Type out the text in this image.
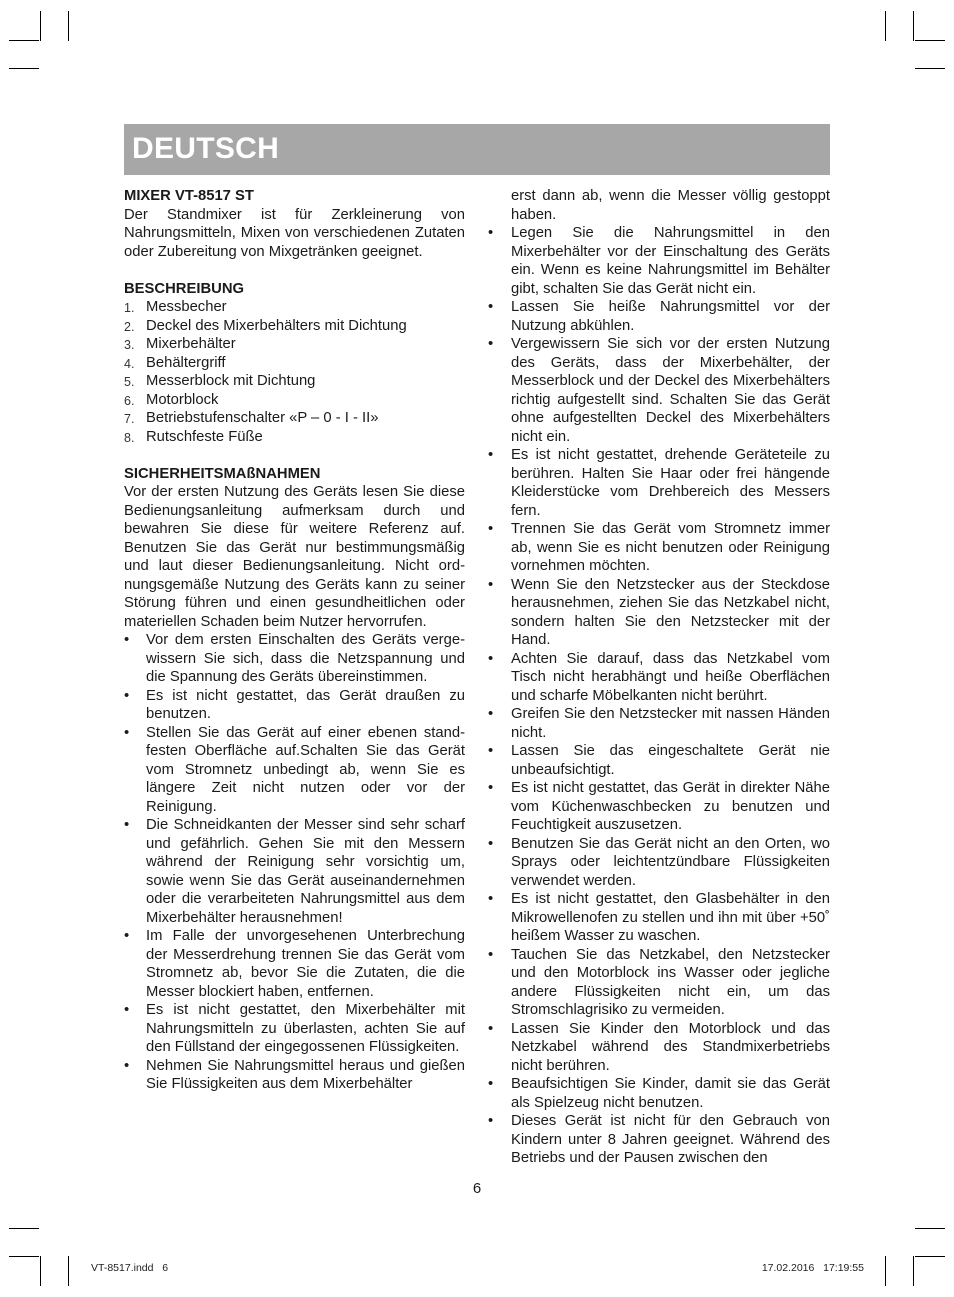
DEUTSCH
MIXER VT-8517 ST

Der Standmixer ist für Zerkleinerung von Nahrungsmitteln, Mixen von verschiedenen Zutaten oder Zubereitung von Mixgetränken geeignet.

BESCHREIBUNG
1. Messbecher
2. Deckel des Mixerbehälters mit Dichtung
3. Mixerbehälter
4. Behältergriff
5. Messerblock mit Dichtung
6. Motorblock
7. Betriebstufenschalter «P – 0 - I - II»
8. Rutschfeste Füße
SICHERHEITSMAßNAHMEN

Vor der ersten Nutzung des Geräts lesen Sie diese Bedienungsanleitung aufmerksam durch und bewahren Sie diese für weitere Referenz auf. Benutzen Sie das Gerät nur bestimmungsmäßig und laut dieser Bedienungsanleitung. Nicht ordnungsgemäße Nutzung des Geräts kann zu seiner Störung führen und einen gesundheitlichen oder materiellen Schaden beim Nutzer hervorrufen.

• Vor dem ersten Einschalten des Geräts vergewissern Sie sich, dass die Netzspannung und die Spannung des Geräts übereinstimmen.
• Es ist nicht gestattet, das Gerät draußen zu benutzen.
• Stellen Sie das Gerät auf einer ebenen standfesten Oberfläche auf.Schalten Sie das Gerät vom Stromnetz unbedingt ab, wenn Sie es längere Zeit nicht nutzen oder vor der Reinigung.
• Die Schneidkanten der Messer sind sehr scharf und gefährlich. Gehen Sie mit den Messern während der Reinigung sehr vorsichtig um, sowie wenn Sie das Gerät auseinandernehmen oder die verarbeiteten Nahrungsmittel aus dem Mixerbehälter herausnehmen!
• Im Falle der unvorgesehenen Unterbrechung der Messerdrehung trennen Sie das Gerät vom Stromnetz ab, bevor Sie die Zutaten, die die Messer blockiert haben, entfernen.
• Es ist nicht gestattet, den Mixerbehälter mit Nahrungsmitteln zu überlasten, achten Sie auf den Füllstand der eingegossenen Flüssigkeiten.
• Nehmen Sie Nahrungsmittel heraus und gießen Sie Flüssigkeiten aus dem Mixerbehälter
erst dann ab, wenn die Messer völlig gestoppt haben.
• Legen Sie die Nahrungsmittel in den Mixerbehälter vor der Einschaltung des Geräts ein. Wenn es keine Nahrungsmittel im Behälter gibt, schalten Sie das Gerät nicht ein.
• Lassen Sie heiße Nahrungsmittel vor der Nutzung abkühlen.
• Vergewissern Sie sich vor der ersten Nutzung des Geräts, dass der Mixerbehälter, der Messerblock und der Deckel des Mixerbehälters richtig aufgestellt sind. Schalten Sie das Gerät ohne aufgestellten Deckel des Mixerbehälters nicht ein.
• Es ist nicht gestattet, drehende Geräteteile zu berühren. Halten Sie Haar oder frei hängende Kleiderstücke vom Drehbereich des Messers fern.
• Trennen Sie das Gerät vom Stromnetz immer ab, wenn Sie es nicht benutzen oder Reinigung vornehmen möchten.
• Wenn Sie den Netzstecker aus der Steckdose herausnehmen, ziehen Sie das Netzkabel nicht, sondern halten Sie den Netzstecker mit der Hand.
• Achten Sie darauf, dass das Netzkabel vom Tisch nicht herabhängt und heiße Oberflächen und scharfe Möbelkanten nicht berührt.
• Greifen Sie den Netzstecker mit nassen Händen nicht.
• Lassen Sie das eingeschaltete Gerät nie unbeaufsichtigt.
• Es ist nicht gestattet, das Gerät in direkter Nähe vom Küchenwaschbecken zu benutzen und Feuchtigkeit auszusetzen.
• Benutzen Sie das Gerät nicht an den Orten, wo Sprays oder leichtentzündbare Flüssigkeiten verwendet werden.
• Es ist nicht gestattet, den Glasbehälter in den Mikrowellenofen zu stellen und ihn mit über +50˚ heißem Wasser zu waschen.
• Tauchen Sie das Netzkabel, den Netzstecker und den Motorblock ins Wasser oder jegliche andere Flüssigkeiten nicht ein, um das Stromschlagrisiko zu vermeiden.
• Lassen Sie Kinder den Motorblock und das Netzkabel während des Standmixerbetriebs nicht berühren.
• Beaufsichtigen Sie Kinder, damit sie das Gerät als Spielzeug nicht benutzen.
• Dieses Gerät ist nicht für den Gebrauch von Kindern unter 8 Jahren geeignet. Während des Betriebs und der Pausen zwischen den
6
VT-8517.indd   6	17.02.2016   17:19:55
